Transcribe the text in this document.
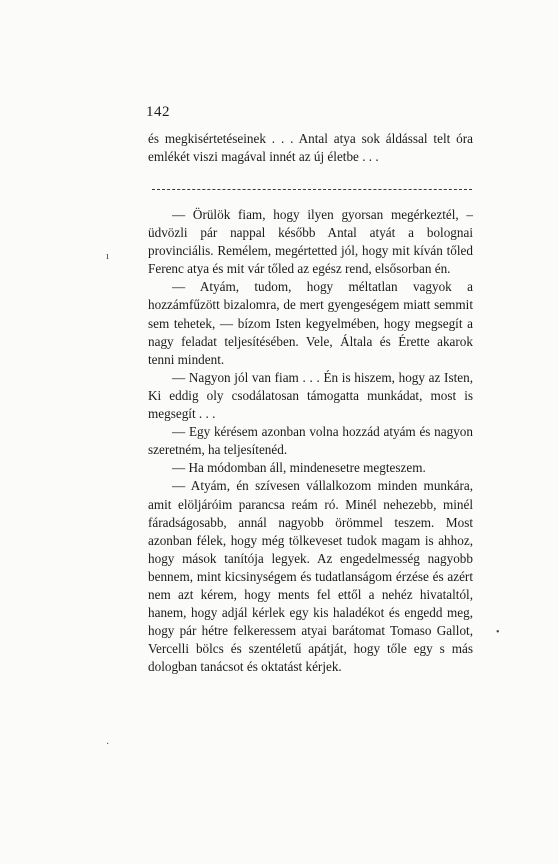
142

és megkisértetéseinek . . . Antal atya sok áldással telt óra emlékét viszi magával innét az új életbe . . .

— Örülök fiam, hogy ilyen gyorsan megérkeztél, – üdvözli pár nappal később Antal atyát a bolognai provinciális. Remélem, megértetted jól, hogy mit kíván tőled Ferenc atya és mit vár tőled az egész rend, elsősorban én.

— Atyám, tudom, hogy méltatlan vagyok a hozzámfűzött bizalomra, de mert gyengeségem miatt semmit sem tehetek, — bízom Isten kegyelmében, hogy megsegít a nagy feladat teljesítésében. Vele, Általa és Érette akarok tenni mindent.

— Nagyon jól van fiam . . . Én is hiszem, hogy az Isten, Ki eddig oly csodálatosan támogatta munkádat, most is megsegít . . .

— Egy kérésem azonban volna hozzád atyám és nagyon szeretném, ha teljesítenéd.

— Ha módomban áll, mindenesetre megteszem.

— Atyám, én szívesen vállalkozom minden munkára, amit elöljáróim parancsa reám ró. Minél nehezebb, minél fáradságosabb, annál nagyobb örömmel teszem. Most azonban félek, hogy még tölkeveset tudok magam is ahhoz, hogy mások tanítója legyek. Az engedelmesség nagyobb bennem, mint kicsinységem és tudatlanságom érzése és azért nem azt kérem, hogy ments fel ettől a nehéz hivataltól, hanem, hogy adjál kérlek egy kis haladékot és engedd meg, hogy pár hétre felkeressem atyai barátomat Tomaso Gallot, Vercelli bölcs és szentéletű apátját, hogy tőle egy s más dologban tanácsot és oktatást kérjek.

ı
•
·
